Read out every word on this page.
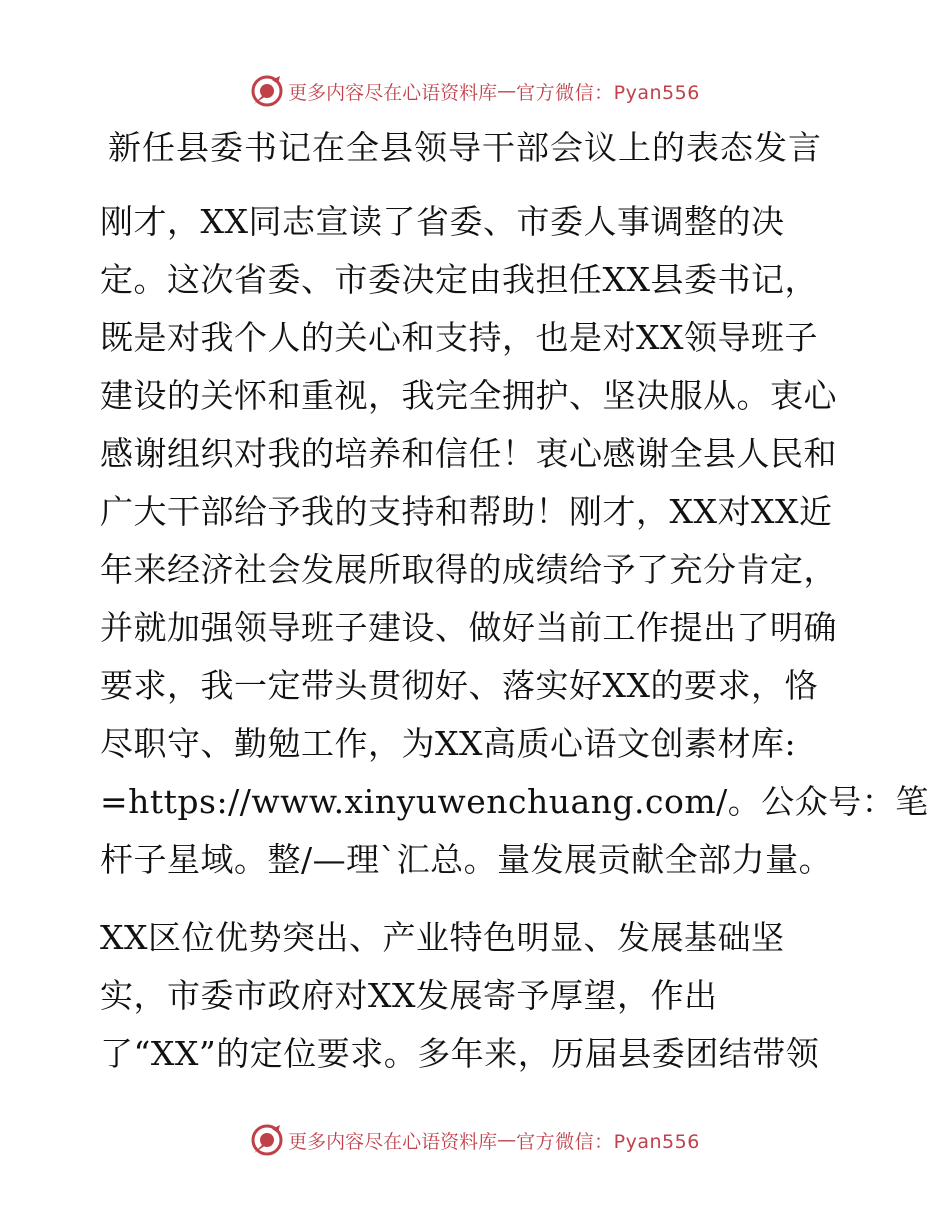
更多内容尽在心语资料库 — 官方微信：Pyan556
新任县委书记在全县领导干部会议上的表态发言
刚才，XX同志宣读了省委、市委人事调整的决
定。这次省委、市委决定由我担任XX县委书记，
既是对我个人的关心和支持，也是对XX领导班子
建设的关怀和重视，我完全拥护、坚决服从。衷心
感谢组织对我的培养和信任！衷心感谢全县人民和
广大干部给予我的支持和帮助！刚才，XX对XX近
年来经济社会发展所取得的成绩给予了充分肯定，
并就加强领导班子建设、做好当前工作提出了明确
要求，我一定带头贯彻好、落实好XX的要求，恪
尽职守、勤勉工作，为XX高质心语文创素材库:
=https://www.xinyuwenchuang.com/。公众号：笔
杆子星域。整/—理`汇总。量发展贡献全部力量。
XX区位优势突出、产业特色明显、发展基础坚
实，市委市政府对XX发展寄予厚望，作出
了“XX”的定位要求。多年来，历届县委团结带领
更多内容尽在心语资料库 — 官方微信：Pyan556
